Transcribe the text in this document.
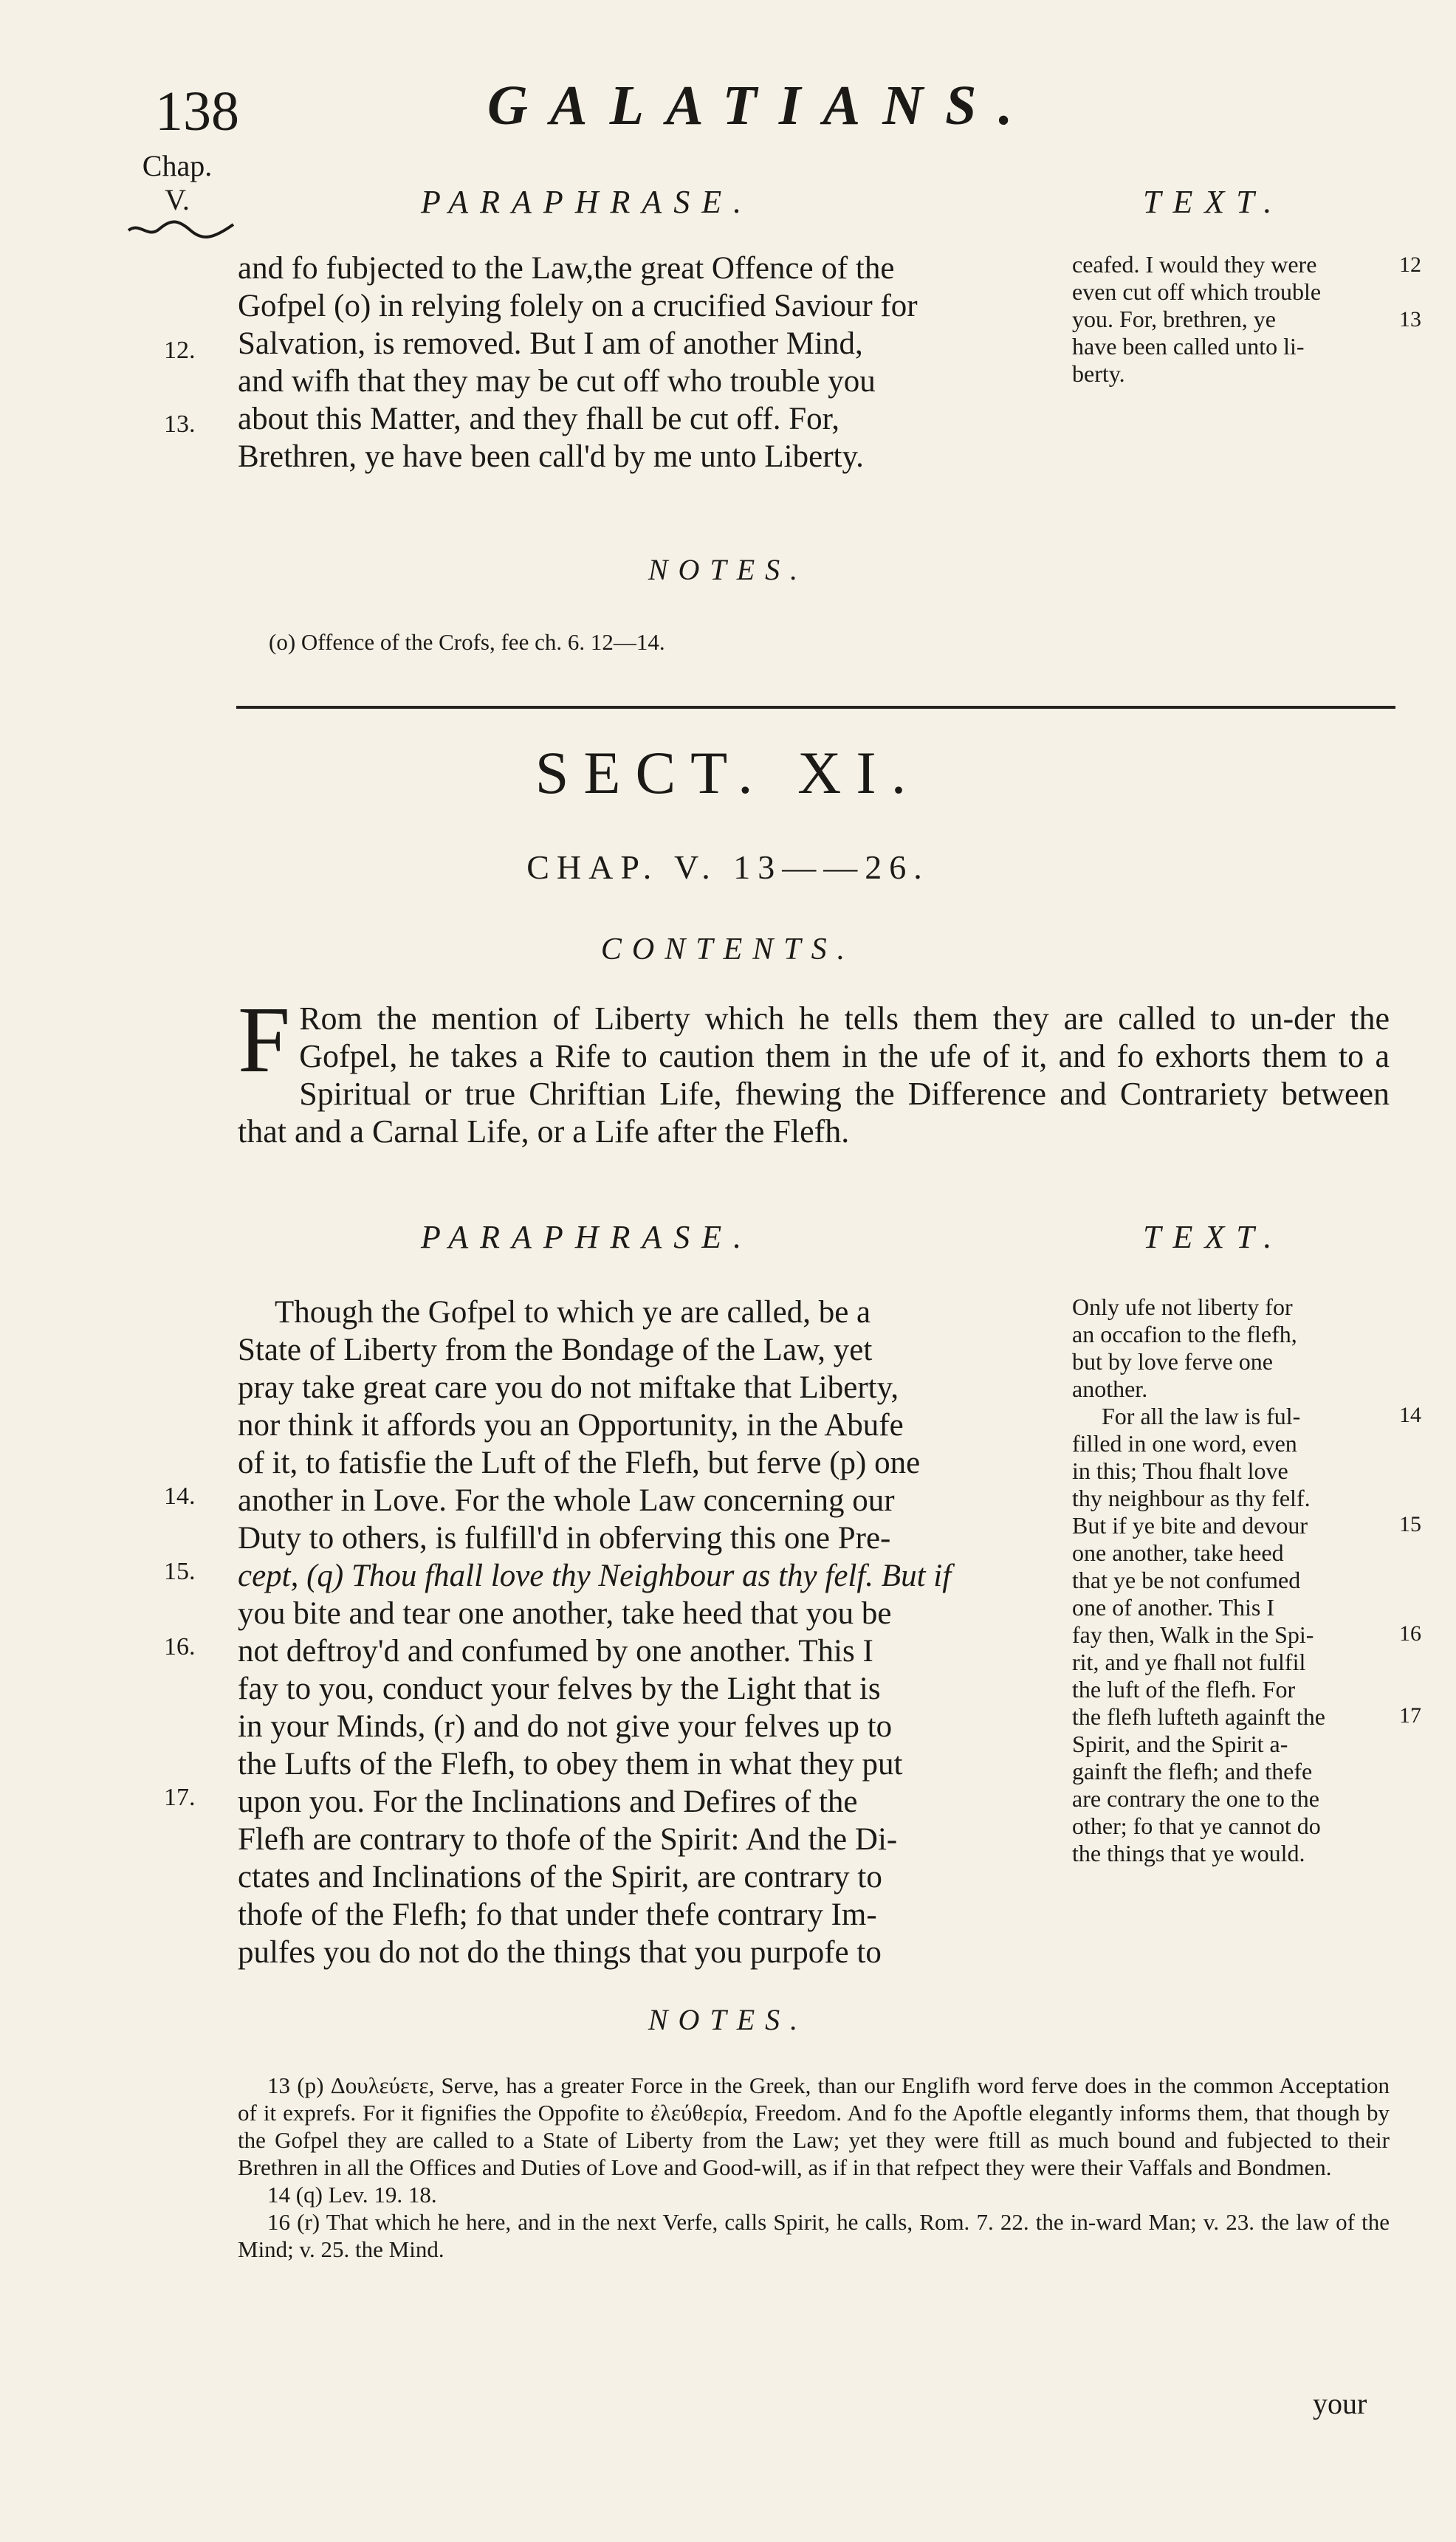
138	GALATIANS.
Chap.
V.	PARAPHRASE.	TEXT.

and fo fubjected to the Law,the great Offence of the

Gofpel (o) in relying folely on a crucified Saviour for

Salvation, is removed. But I am of another Mind,

and wifh that they may be cut off who trouble you

about this Matter, and they fhall be cut off. For,

Brethren, ye have been call'd by me unto Liberty.

12.
13.

ceafed. I would they were

even cut off which trouble

you. For, brethren, ye

have been called unto li-

berty.

12
13
NOTES.
(o) Offence of the Crofs, fee ch. 6. 12—14.
SECT. XI.
CHAP. V. 13——26.
CONTENTS.
F Rom the mention of Liberty which he tells them they are called to un-der the Gofpel, he takes a Rife to caution them in the ufe of it, and fo exhorts them to a Spiritual or true Chriftian Life, fhewing the Difference and Contrariety between that and a Carnal Life, or a Life after the Flefh.
PARAPHRASE.	TEXT.

Though the Gofpel to which ye are called, be a

State of Liberty from the Bondage of the Law, yet

pray take great care you do not miftake that Liberty,

nor think it affords you an Opportunity, in the Abufe

of it, to fatisfie the Luft of the Flefh, but ferve (p) one

another in Love. For the whole Law concerning our

Duty to others, is fulfill'd in obferving this one Pre-

cept, (q) Thou fhall love thy Neighbour as thy felf. But if

you bite and tear one another, take heed that you be

not deftroy'd and confumed by one another. This I

fay to you, conduct your felves by the Light that is

in your Minds, (r) and do not give your felves up to

the Lufts of the Flefh, to obey them in what they put

upon you. For the Inclinations and Defires of the

Flefh are contrary to thofe of the Spirit: And the Di-

ctates and Inclinations of the Spirit, are contrary to

thofe of the Flefh; fo that under thefe contrary Im-

pulfes you do not do the things that you purpofe to

14.
15.
16.
17.

Only ufe not liberty for

an occafion to the flefh,

but by love ferve one

another.

For all the law is ful-

filled in one word, even

in this; Thou fhalt love

thy neighbour as thy felf.

But if ye bite and devour

one another, take heed

that ye be not confumed

one of another. This I

fay then, Walk in the Spi-

rit, and ye fhall not fulfil

the luft of the flefh. For

the flefh lufteth againft the

Spirit, and the Spirit a-

gainft the flefh; and thefe

are contrary the one to the

other; fo that ye cannot do

the things that ye would.

14
15
16
17
NOTES.

13 (p) Δουλεύετε, Serve, has a greater Force in the Greek, than our Englifh word ferve does in the common Acceptation of it exprefs. For it fignifies the Oppofite to ἐλεύθερία, Freedom. And fo the Apoftle elegantly informs them, that though by the Gofpel they are called to a State of Liberty from the Law; yet they were ftill as much bound and fubjected to their Brethren in all the Offices and Duties of Love and Good-will, as if in that refpect they were their Vaffals and Bondmen.

14 (q) Lev. 19. 18.

16 (r) That which he here, and in the next Verfe, calls Spirit, he calls, Rom. 7. 22. the in-ward Man; v. 23. the law of the Mind; v. 25. the Mind.

your
